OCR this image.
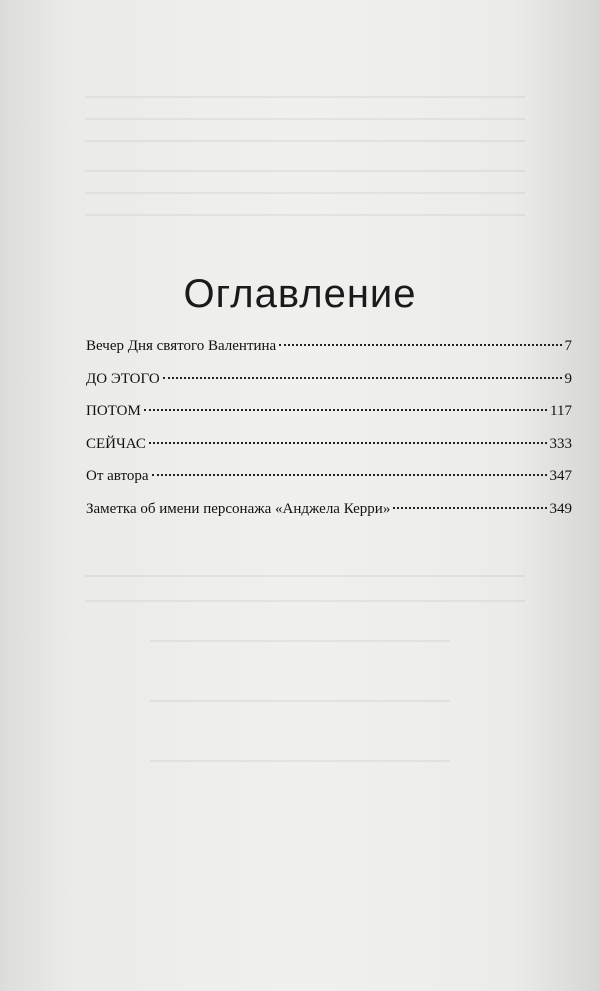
Оглавление
Вечер Дня святого Валентина	7
ДО ЭТОГО	9
ПОТОМ	117
СЕЙЧАС	333
От автора	347
Заметка об имени персонажа «Анджела Керри»	349
